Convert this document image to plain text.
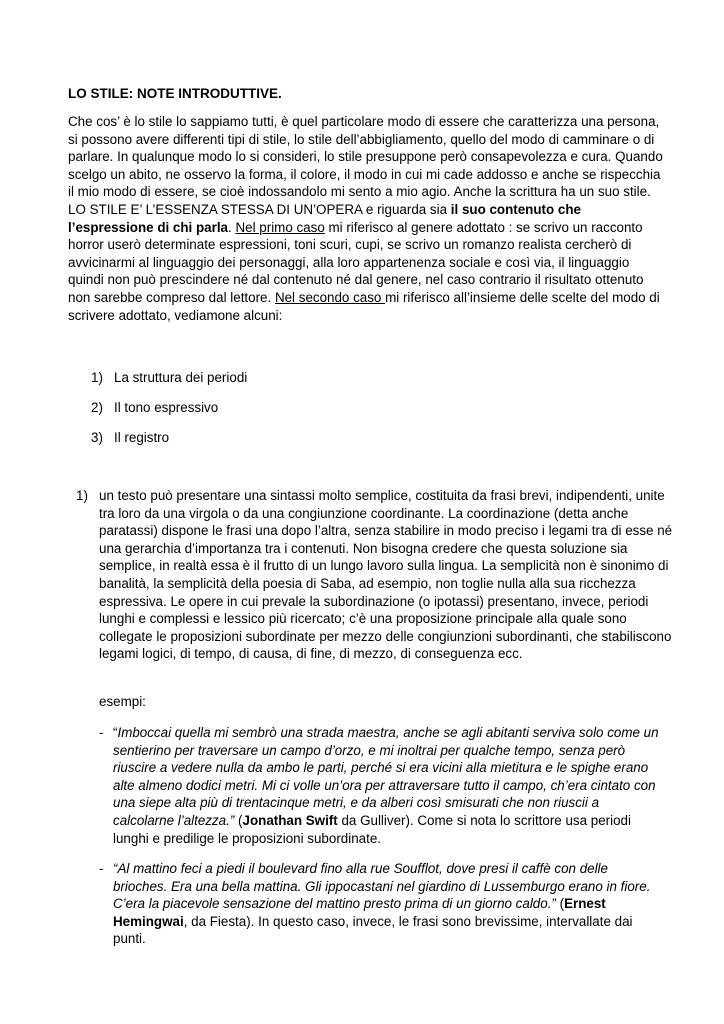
LO STILE: NOTE INTRODUTTIVE.
Che cos’ è lo stile lo sappiamo tutti, è quel particolare modo di essere che caratterizza una persona, si possono avere differenti tipi di stile, lo stile dell’abbigliamento, quello del modo di camminare o di parlare. In qualunque modo lo si consideri, lo stile presuppone però consapevolezza e cura. Quando scelgo un abito, ne osservo la forma, il colore, il modo in cui mi cade addosso e anche se rispecchia il mio modo di essere, se cioè indossandolo mi sento a mio agio. Anche la scrittura ha un suo stile. LO STILE E’ L’ESSENZA STESSA DI UN’OPERA e riguarda sia il suo contenuto che l’espressione di chi parla. Nel primo caso mi riferisco al genere adottato : se scrivo un racconto horror userò determinate espressioni, toni scuri, cupi, se scrivo un romanzo realista cercherò di avvicinarmi al linguaggio dei personaggi, alla loro appartenenza sociale e così via, il linguaggio quindi non può prescindere né dal contenuto né dal genere, nel caso contrario il risultato ottenuto non sarebbe compreso dal lettore. Nel secondo caso mi riferisco all’insieme delle scelte del modo di scrivere adottato, vediamone alcuni:
1) La struttura dei periodi
2) Il tono espressivo
3) Il registro
1) un testo può presentare una sintassi molto semplice, costituita da frasi brevi, indipendenti, unite tra loro da una virgola o da una congiunzione coordinante. La coordinazione (detta anche paratassi) dispone le frasi una dopo l’altra, senza stabilire in modo preciso i legami tra di esse né una gerarchia d’importanza tra i contenuti. Non bisogna credere che questa soluzione sia semplice, in realtà essa è il frutto di un lungo lavoro sulla lingua. La semplicità non è sinonimo di banalità, la semplicità della poesia di Saba, ad esempio, non toglie nulla alla sua ricchezza espressiva. Le opere in cui prevale la subordinazione (o ipotassi) presentano, invece, periodi lunghi e complessi e lessico più ricercato; c’è una proposizione principale alla quale sono collegate le proposizioni subordinate per mezzo delle congiunzioni subordinanti, che stabiliscono legami logici, di tempo, di causa, di fine, di mezzo, di conseguenza ecc.
esempi:
- “Imboccai quella mi sembrò una strada maestra, anche se agli abitanti serviva solo come un sentierino per traversare un campo d’orzo, e mi inoltrai per qualche tempo, senza però riuscire a vedere nulla da ambo le parti, perché si era vicini alla mietitura e le spighe erano alte almeno dodici metri. Mi ci volle un’ora per attraversare tutto il campo, ch’era cintato con una siepe alta più di trentacinque metri, e da alberi così smisurati che non riuscii a calcolarne l’altezza.” (Jonathan Swift da Gulliver). Come si nota lo scrittore usa periodi lunghi e predilige le proposizioni subordinate.
- “Al mattino feci a piedi il boulevard fino alla rue Soufflot, dove presi il caffè con delle brioches. Era una bella mattina. Gli ippocastani nel giardino di Lussemburgo erano in fiore. C’era la piacevole sensazione del mattino presto prima di un giorno caldo.” (Ernest Hemingwai, da Fiesta). In questo caso, invece, le frasi sono brevissime, intervallate dai punti.
